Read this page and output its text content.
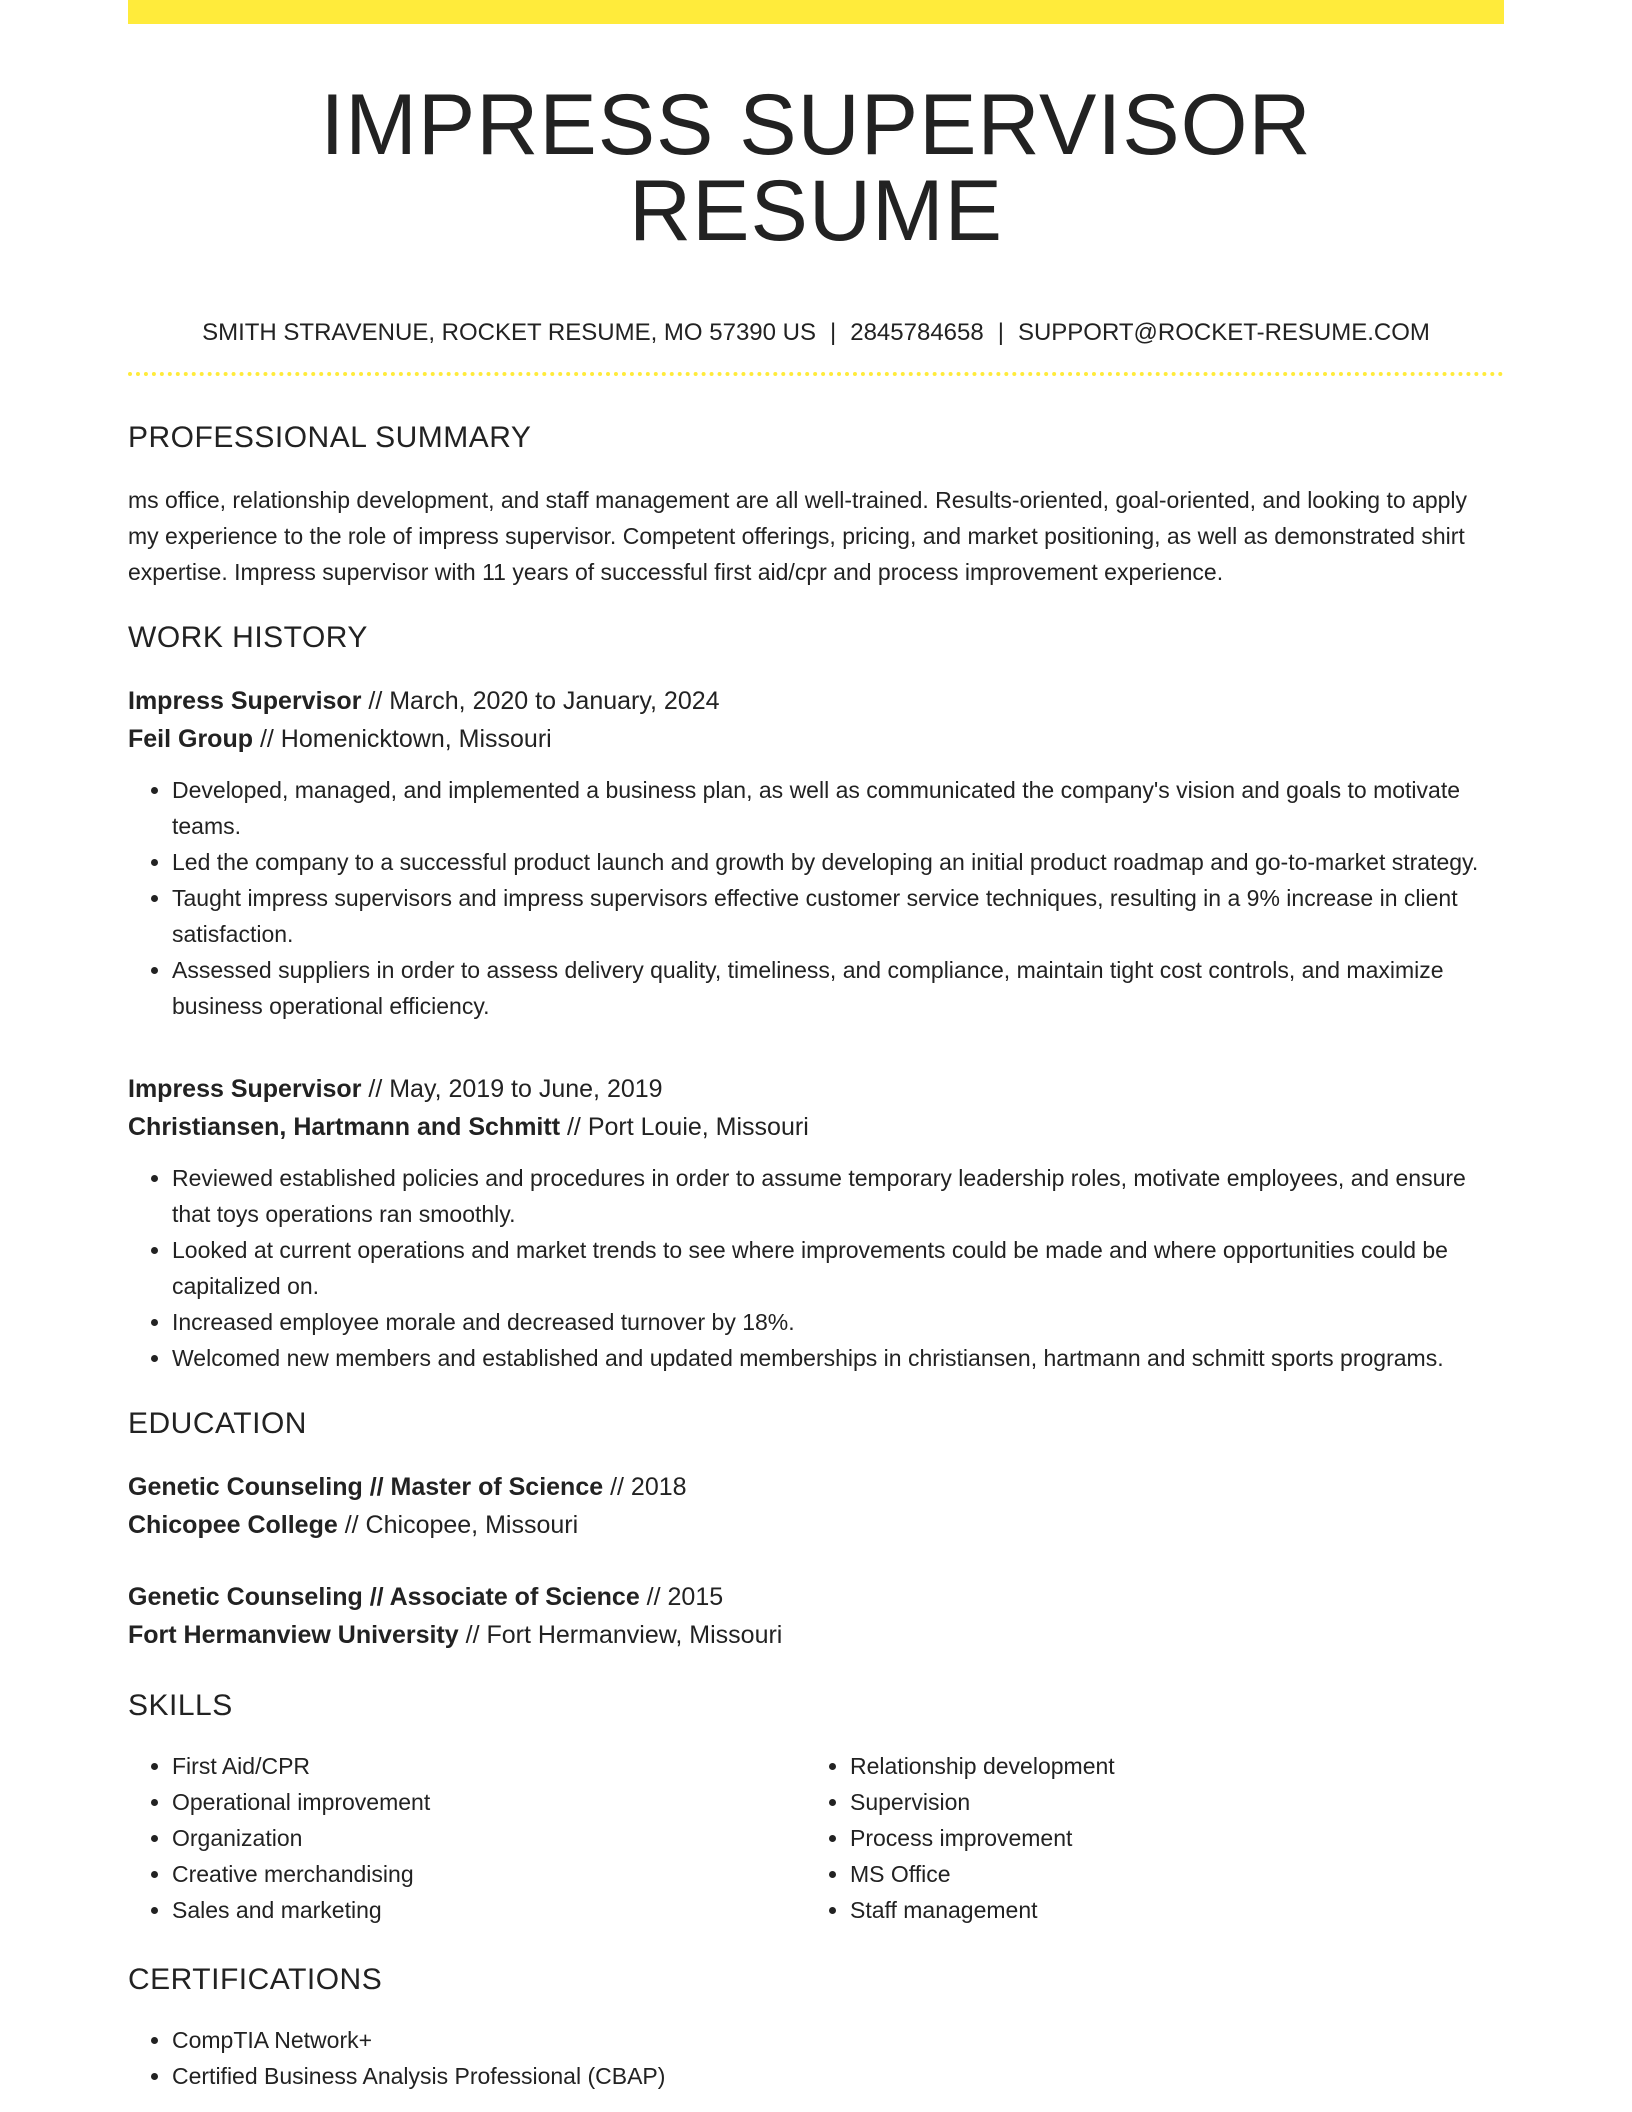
IMPRESS SUPERVISOR RESUME
SMITH STRAVENUE, ROCKET RESUME, MO 57390 US | 2845784658 | SUPPORT@ROCKET-RESUME.COM
PROFESSIONAL SUMMARY
ms office, relationship development, and staff management are all well-trained. Results-oriented, goal-oriented, and looking to apply my experience to the role of impress supervisor. Competent offerings, pricing, and market positioning, as well as demonstrated shirt expertise. Impress supervisor with 11 years of successful first aid/cpr and process improvement experience.
WORK HISTORY
Impress Supervisor // March, 2020 to January, 2024
Feil Group // Homenicktown, Missouri
• Developed, managed, and implemented a business plan, as well as communicated the company's vision and goals to motivate teams.
• Led the company to a successful product launch and growth by developing an initial product roadmap and go-to-market strategy.
• Taught impress supervisors and impress supervisors effective customer service techniques, resulting in a 9% increase in client satisfaction.
• Assessed suppliers in order to assess delivery quality, timeliness, and compliance, maintain tight cost controls, and maximize business operational efficiency.
Impress Supervisor // May, 2019 to June, 2019
Christiansen, Hartmann and Schmitt // Port Louie, Missouri
• Reviewed established policies and procedures in order to assume temporary leadership roles, motivate employees, and ensure that toys operations ran smoothly.
• Looked at current operations and market trends to see where improvements could be made and where opportunities could be capitalized on.
• Increased employee morale and decreased turnover by 18%.
• Welcomed new members and established and updated memberships in christiansen, hartmann and schmitt sports programs.
EDUCATION
Genetic Counseling // Master of Science // 2018
Chicopee College // Chicopee, Missouri
Genetic Counseling // Associate of Science // 2015
Fort Hermanview University // Fort Hermanview, Missouri
SKILLS
• First Aid/CPR
• Operational improvement
• Organization
• Creative merchandising
• Sales and marketing
• Relationship development
• Supervision
• Process improvement
• MS Office
• Staff management
CERTIFICATIONS
• CompTIA Network+
• Certified Business Analysis Professional (CBAP)
